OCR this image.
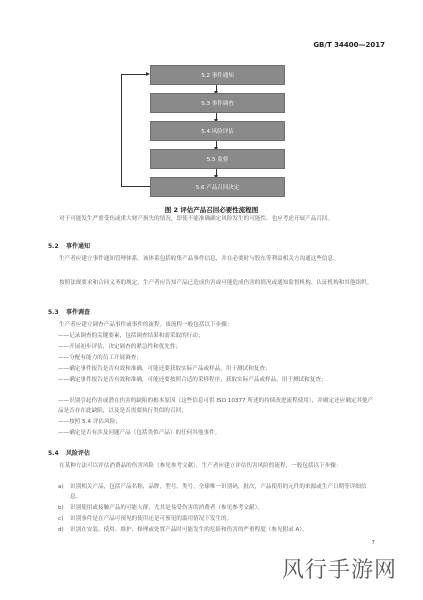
GB/T 34400—2017
5.2 事件通知
5.3 事件调查
5.4 风险评估
5.5 监督
5.6 产品召回决定
图 2 评估产品召回必要性流程图
对于可能发生严重受伤或重大财产损失的情况，即使不能准确确定风险发生的可能性，也应考虑开展产品召回。
5.2 事件通知
生产者应建立事件通知管理体系。该体系包括收集产品事件信息，并在必要时与股东等利益相关方沟通这些信息。
按照法规要求和合同义务的规定，生产者应告知产品已造成伤害或可能造成伤害的情况或通知监督机构、认证机构和其他组织。
5.3 事件调查
生产者应建立调查产品事件或事件的流程。该流程一般包括以下步骤：
——记录调查的关键要素，包括调查结果和需采取的行动；
——开展初步评估，决定调查的紧急性和优先性；
——分配有能力的员工开展调查；
——确定事件报告是否有效和准确，可能还要获取实际产品或样品，用于测试和复查；
——确定事件报告是否有效和准确，可能还要按照合适的采样程序，获取实际产品或样品，用于测试和复查；
——识别引起伤害或潜在伤害的缺陷的根本原因（这些信息可供 ISO 10377 所述的持续改进流程使用），并确定还应确定其他产品是否存在此缺陷，以及是否需要执行类似的召回；
——按照 5.4 评估风险；
——确定是否有涉及问题产品（包括类似产品）的任何其他事件。
5.4 风险评估
在某种方法可以评估消费品的伤害风险（参见参考文献），生产者应建立评估伤害风险的流程，一般包括以下步骤：
a)	识别相关产品，包括产品名称，品牌，型号，类号，全球唯一识别码，批次，产品使用的元件的来源或生产日期等详细信息。
b)	识别使用或接触产品的可能人群，尤其是易受伤害的消费者（参见参考文献）。
c)	识别事件是在产品可预见的使用还是可预见的滥用情况下发生的。
d)	识别在安装、使用、维护、修理或处置产品时可能发生的危险和伤害的严重程度（参见附录 A）。
7
风行手游网
